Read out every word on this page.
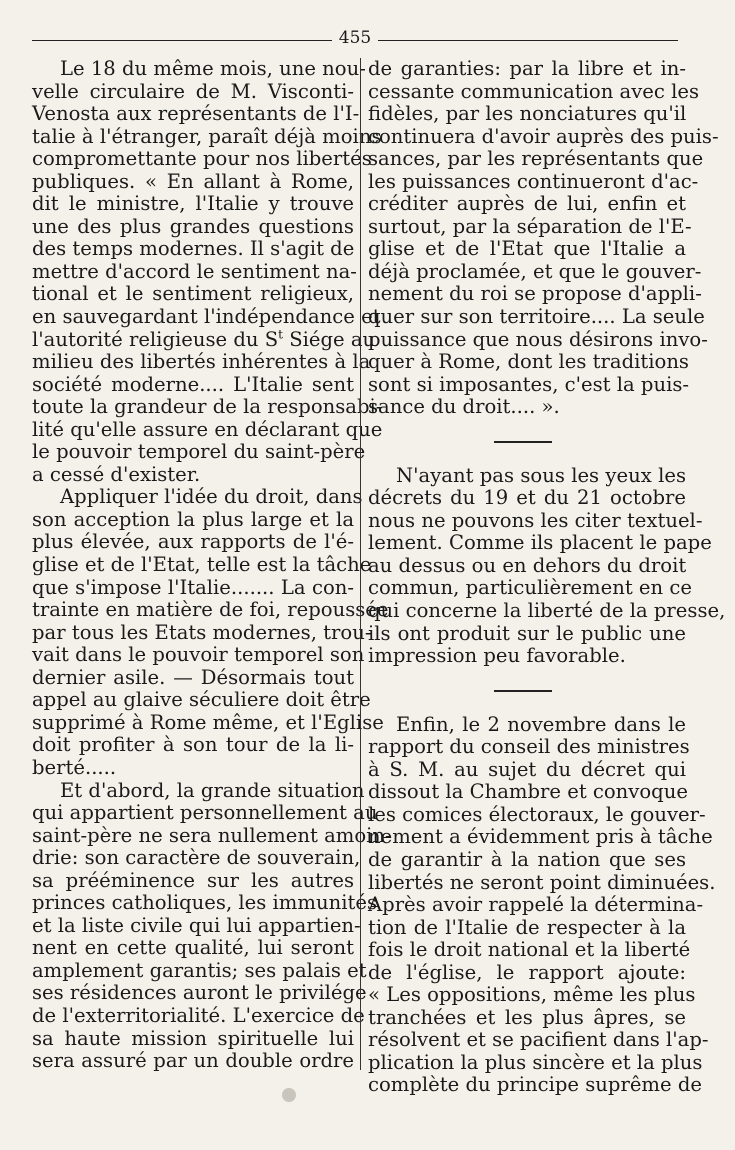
455
Le 18 du même mois, une nou-
velle circulaire de M. Visconti-
Venosta aux représentants de l'I-
talie à l'étranger, paraît déjà moins
compromettante pour nos libertés
publiques. « En allant à Rome,
dit le ministre, l'Italie y trouve
une des plus grandes questions
des temps modernes. Il s'agit de
mettre d'accord le sentiment na-
tional et le sentiment religieux,
en sauvegardant l'indépendance et
l'autorité religieuse du $S^t$ Siége au
milieu des libertés inhérentes à la
société moderne.... L'Italie sent
toute la grandeur de la responsabi-
lité qu'elle assure en déclarant que
le pouvoir temporel du saint-père
a cessé d'exister.
Appliquer l'idée du droit, dans
son acception la plus large et la
plus élevée, aux rapports de l'é-
glise et de l'Etat, telle est la tâche
que s'impose l'Italie....... La con-
trainte en matière de foi, repoussée
par tous les Etats modernes, trou-
vait dans le pouvoir temporel son
dernier asile. — Désormais tout
appel au glaive séculiere doit être
supprimé à Rome même, et l'Eglise
doit profiter à son tour de la li-
berté.....
Et d'abord, la grande situation
qui appartient personnellement au
saint-père ne sera nullement amoin-
drie: son caractère de souverain,
sa prééminence sur les autres
princes catholiques, les immunités
et la liste civile qui lui appartien-
nent en cette qualité, lui seront
amplement garantis; ses palais et
ses résidences auront le privilége
de l'exterritorialité. L'exercice de
sa haute mission spirituelle lui
sera assuré par un double ordre
de garanties: par la libre et in-
cessante communication avec les
fidèles, par les nonciatures qu'il
continuera d'avoir auprès des puis-
sances, par les représentants que
les puissances continueront d'ac-
créditer auprès de lui, enfin et
surtout, par la séparation de l'E-
glise et de l'Etat que l'Italie a
déjà proclamée, et que le gouver-
nement du roi se propose d'appli-
quer sur son territoire.... La seule
puissance que nous désirons invo-
quer à Rome, dont les traditions
sont si imposantes, c'est la puis-
sance du droit.... ».
N'ayant pas sous les yeux les
décrets du 19 et du 21 octobre
nous ne pouvons les citer textuel-
lement. Comme ils placent le pape
au dessus ou en dehors du droit
commun, particulièrement en ce
qui concerne la liberté de la presse,
ils ont produit sur le public une
impression peu favorable.
Enfin, le 2 novembre dans le
rapport du conseil des ministres
à S. M. au sujet du décret qui
dissout la Chambre et convoque
les comices électoraux, le gouver-
nement a évidemment pris à tâche
de garantir à la nation que ses
libertés ne seront point diminuées.
Après avoir rappelé la détermina-
tion de l'Italie de respecter à la
fois le droit national et la liberté
de l'église, le rapport ajoute:
« Les oppositions, même les plus
tranchées et les plus âpres, se
résolvent et se pacifient dans l'ap-
plication la plus sincère et la plus
complète du principe suprême de
